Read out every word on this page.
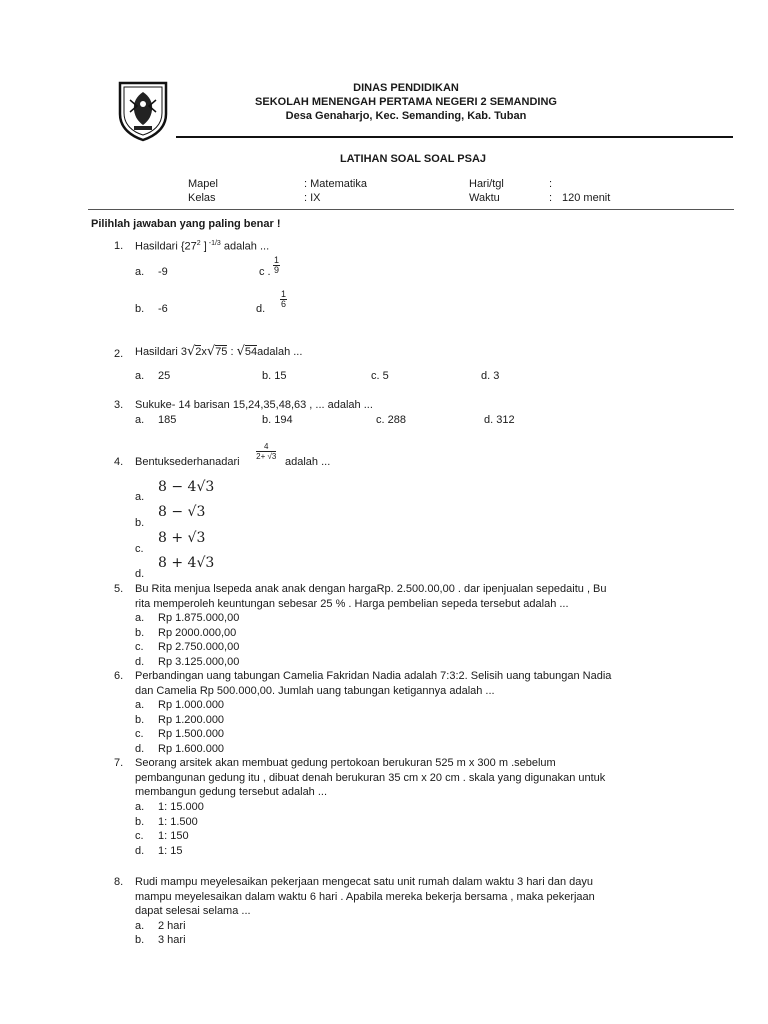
DINAS PENDIDIKAN
SEKOLAH MENENGAH PERTAMA NEGERI 2 SEMANDING
Desa Genaharjo, Kec. Semanding, Kab. Tuban
LATIHAN SOAL SOAL PSAJ
Mapel	: Matematika	Hari/tgl	:
Kelas	: IX	Waktu	: 120 menit
Pilihlah jawaban yang paling benar !
1. Hasildari {$27^2$ ] $^{-1/3}$ adalah ...
a. -9	c . $\frac{1}{9}$
b. -6	d. $\frac{1}{6}$
2. Hasildari 3√2x√75 : √54adalah ...
a. 25	b. 15	c. 5	d. 3
3. Sukuke- 14 barisan 15,24,35,48,63 , ... adalah ...
a. 185	b. 194	c. 288	d. 312
4. Bentuksederhanadari
$\frac{4}{2+ √3}$
adalah ...
8 − 4√3
a.
8 − √3
b.
8 + √3
c.
8 + 4√3
d.
5. Bu Rita menjua lsepeda anak anak dengan hargaRp. 2.500.00,00 . dar ipenjualan sepedaitu , Bu
rita memperoleh keuntungan sebesar 25 % . Harga pembelian sepeda tersebut adalah ...
a. Rp 1.875.000,00
b. Rp 2000.000,00
c. Rp 2.750.000,00
d. Rp 3.125.000,00
6. Perbandingan uang tabungan Camelia Fakridan Nadia adalah 7:3:2. Selisih uang tabungan Nadia
dan Camelia Rp 500.000,00. Jumlah uang tabungan ketigannya adalah ...
a. Rp 1.000.000
b. Rp 1.200.000
c. Rp 1.500.000
d. Rp 1.600.000
7. Seorang arsitek akan membuat gedung pertokoan berukuran 525 m x 300 m .sebelum
pembangunan gedung itu , dibuat denah berukuran 35 cm x 20 cm . skala yang digunakan untuk
membangun gedung tersebut adalah ...
a. 1: 15.000
b. 1: 1.500
c. 1: 150
d. 1: 15
8. Rudi mampu meyelesaikan pekerjaan mengecat satu unit rumah dalam waktu 3 hari dan dayu
mampu meyelesaikan dalam waktu 6 hari . Apabila mereka bekerja bersama , maka pekerjaan
dapat selesai selama ...
a. 2 hari
b. 3 hari
